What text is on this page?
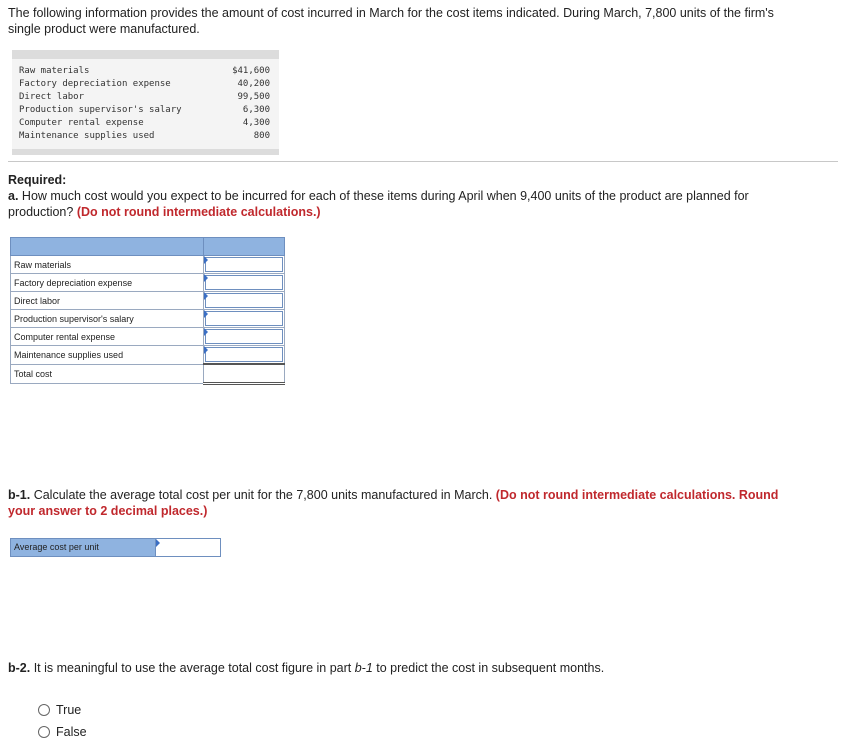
The following information provides the amount of cost incurred in March for the cost items indicated. During March, 7,800 units of the firm's single product were manufactured.
Raw materials	$41,600
Factory depreciation expense	40,200
Direct labor	99,500
Production supervisor's salary	6,300
Computer rental expense	4,300
Maintenance supplies used	800
Required:
a. How much cost would you expect to be incurred for each of these items during April when 9,400 units of the product are planned for production? (Do not round intermediate calculations.)

Raw materials	

Factory depreciation expense	

Direct labor	

Production supervisor's salary	

Computer rental expense	

Maintenance supplies used	

Total cost	
b-1. Calculate the average total cost per unit for the 7,800 units manufactured in March. (Do not round intermediate calculations. Round your answer to 2 decimal places.)
Average cost per unit
b-2. It is meaningful to use the average total cost figure in part b-1 to predict the cost in subsequent months.
True
False
